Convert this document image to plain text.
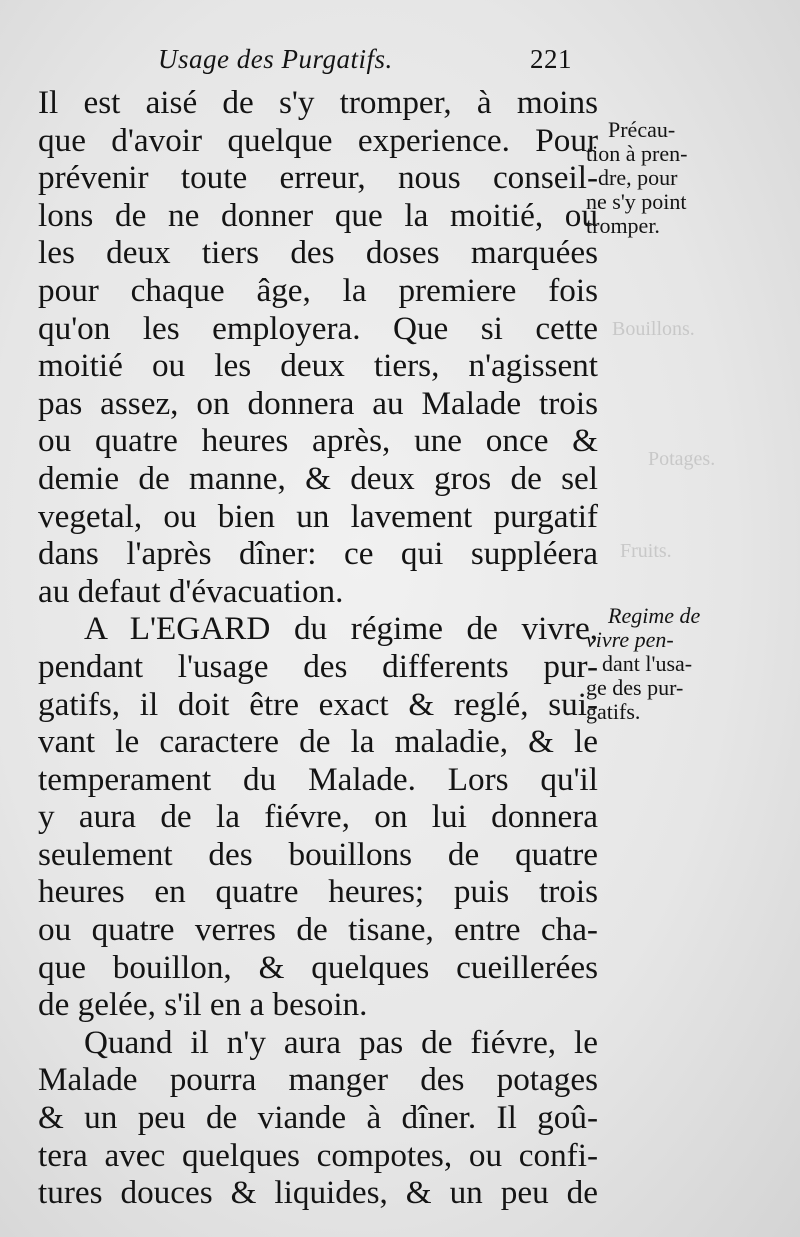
Usage des Purgatifs.	221
Bouillons.
Potages.
Fruits.
Il est aisé de s'y tromper, à moins
que d'avoir quelque experience. Pour
prévenir toute erreur, nous conseil-
lons de ne donner que la moitié, ou
les deux tiers des doses marquées
pour chaque âge, la premiere fois
qu'on les employera. Que si cette
moitié ou les deux tiers, n'agissent
pas assez, on donnera au Malade trois
ou quatre heures après, une once &
demie de manne, & deux gros de sel
vegetal, ou bien un lavement purgatif
dans l'après dîner: ce qui suppléera
au defaut d'évacuation.
A L'EGARD du régime de vivre,
pendant l'usage des differents pur-
gatifs, il doit être exact & reglé, sui-
vant le caractere de la maladie, & le
temperament du Malade. Lors qu'il
y aura de la fiévre, on lui donnera
seulement des bouillons de quatre
heures en quatre heures; puis trois
ou quatre verres de tisane, entre cha-
que bouillon, & quelques cueillerées
de gelée, s'il en a besoin.
Quand il n'y aura pas de fiévre, le
Malade pourra manger des potages
& un peu de viande à dîner. Il goû-
tera avec quelques compotes, ou confi-
tures douces & liquides, & un peu de
Précau-
tion à pren-
dre, pour
ne s'y point
tromper.
Regime de
vivre pen-
dant l'usa-
ge des pur-
gatifs.
